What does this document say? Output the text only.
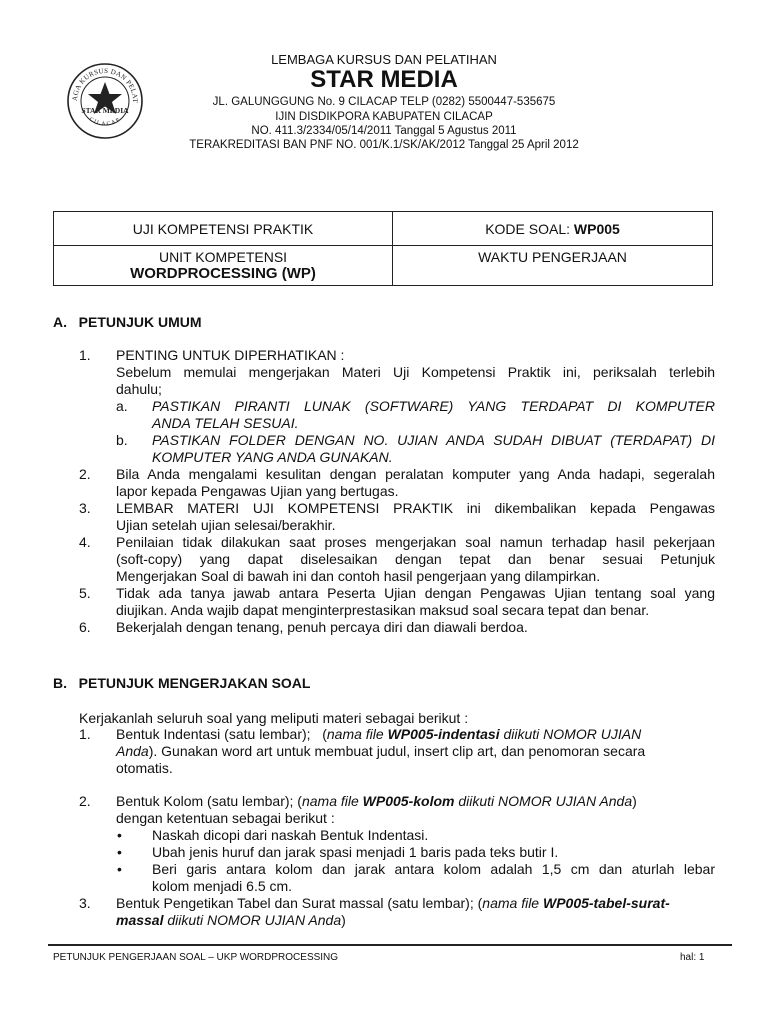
AGA KURSUS DAN PELAT
STAR MEDIA
CILACAP
LEMBAGA KURSUS DAN PELATIHAN
STAR MEDIA
JL. GALUNGGUNG No. 9 CILACAP TELP (0282) 5500447-535675
IJIN DISDIKPORA KABUPATEN CILACAP
NO. 411.3/2334/05/14/2011 Tanggal 5 Agustus 2011
TERAKREDITASI BAN PNF NO. 001/K.1/SK/AK/2012 Tanggal 25 April 2012
UJI KOMPETENSI PRAKTIK	KODE SOAL: WP005

UNIT KOMPETENSI
WORDPROCESSING (WP)	WAKTU PENGERJAAN
A.   PETUNJUK UMUM
1. PENTING UNTUK DIPERHATIKAN :
Sebelum memulai mengerjakan Materi Uji Kompetensi Praktik ini, periksalah terlebih
dahulu;
a. PASTIKAN PIRANTI LUNAK (SOFTWARE) YANG TERDAPAT DI KOMPUTER
ANDA TELAH SESUAI.
b. PASTIKAN FOLDER DENGAN NO. UJIAN ANDA SUDAH DIBUAT (TERDAPAT) DI
KOMPUTER YANG ANDA GUNAKAN.
2. Bila Anda mengalami kesulitan dengan peralatan komputer yang Anda hadapi, segeralah
lapor kepada Pengawas Ujian yang bertugas.
3. LEMBAR MATERI UJI KOMPETENSI PRAKTIK ini dikembalikan kepada Pengawas
Ujian setelah ujian selesai/berakhir.
4. Penilaian tidak dilakukan saat proses mengerjakan soal namun terhadap hasil pekerjaan
(soft-copy) yang dapat diselesaikan dengan tepat dan benar sesuai Petunjuk
Mengerjakan Soal di bawah ini dan contoh hasil pengerjaan yang dilampirkan.
5. Tidak ada tanya jawab antara Peserta Ujian dengan Pengawas Ujian tentang soal yang
diujikan. Anda wajib dapat menginterprestasikan maksud soal secara tepat dan benar.
6. Bekerjalah dengan tenang, penuh percaya diri dan diawali berdoa.
B.   PETUNJUK MENGERJAKAN SOAL
Kerjakanlah seluruh soal yang meliputi materi sebagai berikut :
1. Bentuk Indentasi (satu lembar);   (nama file WP005-indentasi diikuti NOMOR UJIAN
Anda). Gunakan word art untuk membuat judul, insert clip art, dan penomoran secara
otomatis.
2. Bentuk Kolom (satu lembar); (nama file WP005-kolom diikuti NOMOR UJIAN Anda)
dengan ketentuan sebagai berikut :
• Naskah dicopi dari naskah Bentuk Indentasi.
• Ubah jenis huruf dan jarak spasi menjadi 1 baris pada teks butir I.
• Beri garis antara kolom dan jarak antara kolom adalah 1,5 cm dan aturlah lebar
kolom menjadi 6.5 cm.
3. Bentuk Pengetikan Tabel dan Surat massal (satu lembar); (nama file WP005-tabel-surat-
massal diikuti NOMOR UJIAN Anda)
PETUNJUK PENGERJAAN SOAL – UKP WORDPROCESSING	hal: 1
